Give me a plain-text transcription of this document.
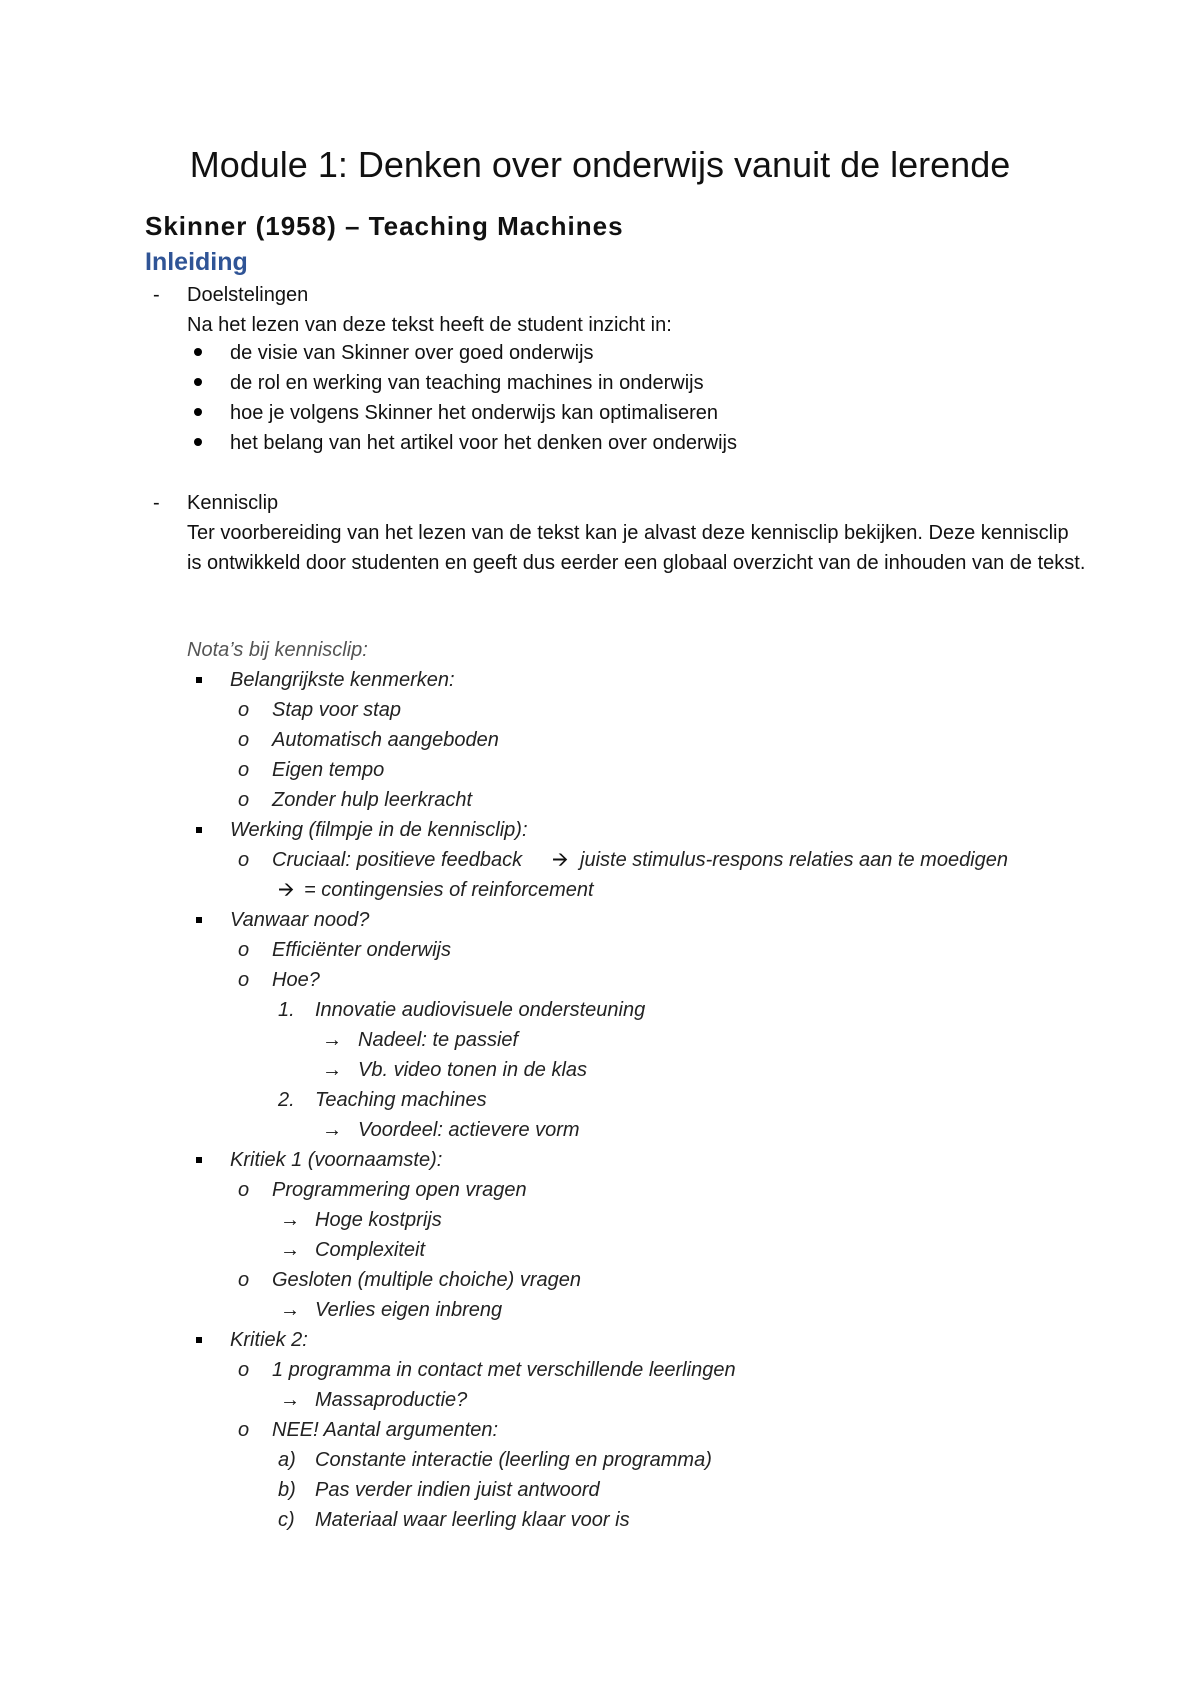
Module 1: Denken over onderwijs vanuit de lerende
Skinner (1958) – Teaching Machines
Inleiding
- Doelstelingen
Na het lezen van deze tekst heeft de student inzicht in:
de visie van Skinner over goed onderwijs
de rol en werking van teaching machines in onderwijs
hoe je volgens Skinner het onderwijs kan optimaliseren
het belang van het artikel voor het denken over onderwijs
- Kennisclip
Ter voorbereiding van het lezen van de tekst kan je alvast deze kennisclip bekijken. Deze kennisclip is ontwikkeld door studenten en geeft dus eerder een globaal overzicht van de inhouden van de tekst.
Nota’s bij kennisclip:
Belangrijkste kenmerken:
o Stap voor stap
o Automatisch aangeboden
o Eigen tempo
o Zonder hulp leerkracht
Werking (filmpje in de kennisclip):
o Cruciaal: positieve feedback 🡪 juiste stimulus-respons relaties aan te moedigen
🡪 = contingensies of reinforcement
Vanwaar nood?
o Efficiënter onderwijs
o Hoe?
1. Innovatie audiovisuele ondersteuning
→ Nadeel: te passief
→ Vb. video tonen in de klas
2. Teaching machines
→ Voordeel: actievere vorm
Kritiek 1 (voornaamste):
o Programmering open vragen
→ Hoge kostprijs
→ Complexiteit
o Gesloten (multiple choiche) vragen
→ Verlies eigen inbreng
Kritiek 2:
o 1 programma in contact met verschillende leerlingen
→ Massaproductie?
o NEE! Aantal argumenten:
a) Constante interactie (leerling en programma)
b) Pas verder indien juist antwoord
c) Materiaal waar leerling klaar voor is
